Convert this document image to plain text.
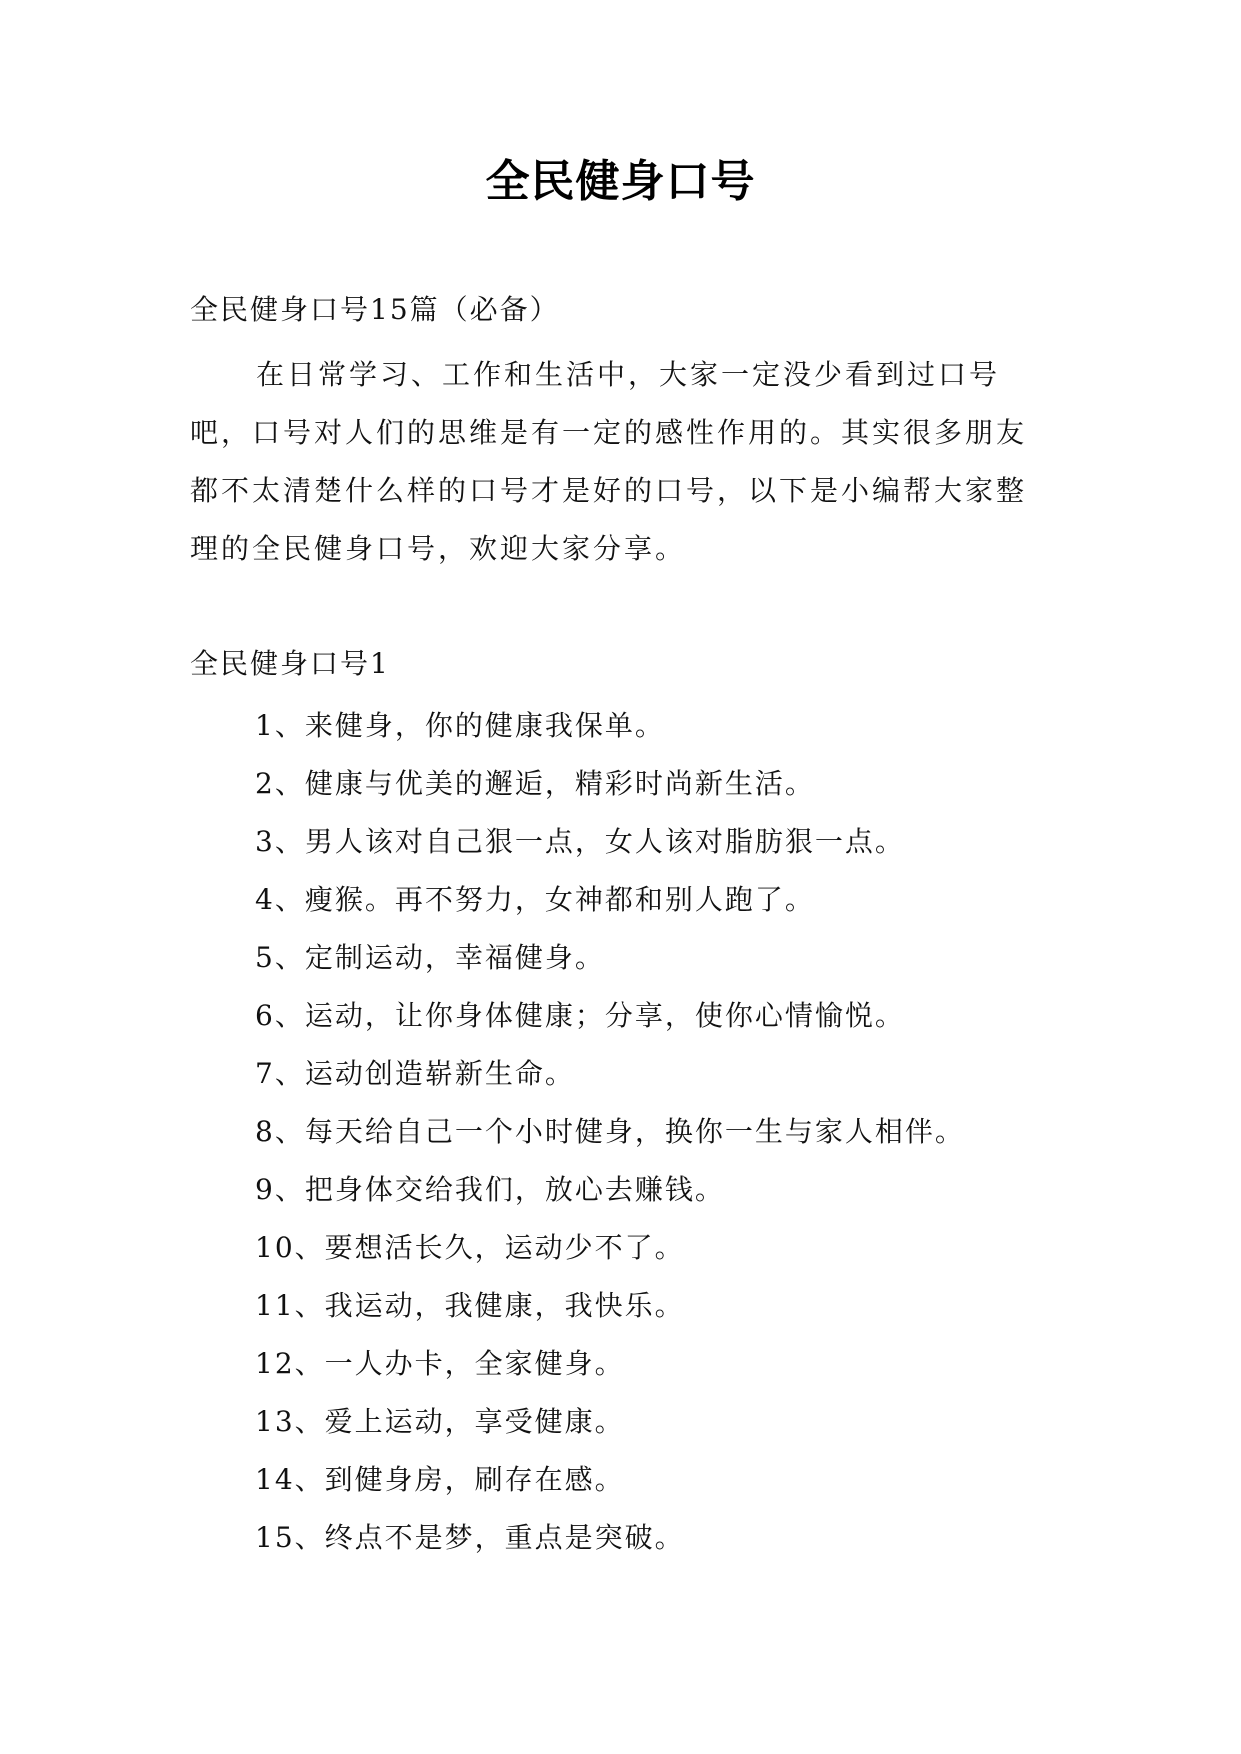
全民健身口号
全民健身口号15篇（必备）

在日常学习、工作和生活中，大家一定没少看到过口号吧，口号对人们的思维是有一定的感性作用的。其实很多朋友都不太清楚什么样的口号才是好的口号，以下是小编帮大家整理的全民健身口号，欢迎大家分享。

全民健身口号1
1、来健身，你的健康我保单。
2、健康与优美的邂逅，精彩时尚新生活。
3、男人该对自己狠一点，女人该对脂肪狠一点。
4、瘦猴。再不努力，女神都和别人跑了。
5、定制运动，幸福健身。
6、运动，让你身体健康；分享，使你心情愉悦。
7、运动创造崭新生命。
8、每天给自己一个小时健身，换你一生与家人相伴。
9、把身体交给我们，放心去赚钱。
10、要想活长久，运动少不了。
11、我运动，我健康，我快乐。
12、一人办卡，全家健身。
13、爱上运动，享受健康。
14、到健身房，刷存在感。
15、终点不是梦，重点是突破。
